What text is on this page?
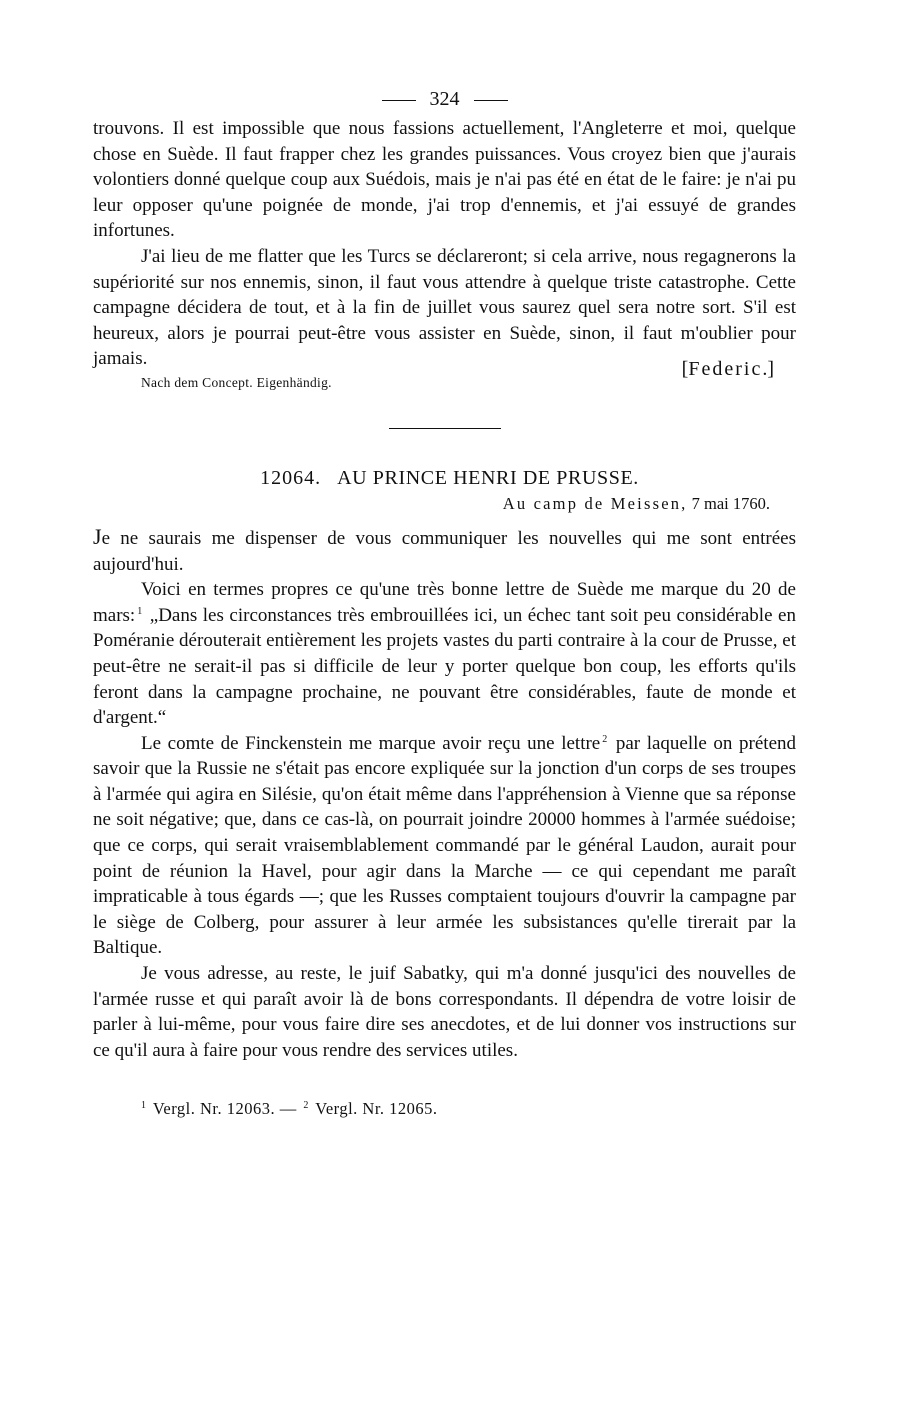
324

trouvons. Il est impossible que nous fassions actuellement, l'Angleterre et moi, quelque chose en Suède. Il faut frapper chez les grandes puissances. Vous croyez bien que j'aurais volontiers donné quelque coup aux Suédois, mais je n'ai pas été en état de le faire: je n'ai pu leur opposer qu'une poignée de monde, j'ai trop d'ennemis, et j'ai essuyé de grandes infortunes.

J'ai lieu de me flatter que les Turcs se déclareront; si cela arrive, nous regagnerons la supériorité sur nos ennemis, sinon, il faut vous attendre à quelque triste catastrophe. Cette campagne décidera de tout, et à la fin de juillet vous saurez quel sera notre sort. S'il est heureux, alors je pourrai peut-être vous assister en Suède, sinon, il faut m'oublier pour jamais.

Nach dem Concept. Eigenhändig.
[Federic.]
12064. AU PRINCE HENRI DE PRUSSE.
Au camp de Meissen, 7 mai 1760.

Je ne saurais me dispenser de vous communiquer les nouvelles qui me sont entrées aujourd'hui.

Voici en termes propres ce qu'une très bonne lettre de Suède me marque du 20 de mars: $^1$ „Dans les circonstances très embrouillées ici, un échec tant soit peu considérable en Poméranie dérouterait entièrement les projets vastes du parti contraire à la cour de Prusse, et peut-être ne serait-il pas si difficile de leur y porter quelque bon coup, les efforts qu'ils feront dans la campagne prochaine, ne pouvant être considérables, faute de monde et d'argent.“

Le comte de Finckenstein me marque avoir reçu une lettre $^2$ par laquelle on prétend savoir que la Russie ne s'était pas encore expliquée sur la jonction d'un corps de ses troupes à l'armée qui agira en Silésie, qu'on était même dans l'appréhension à Vienne que sa réponse ne soit négative; que, dans ce cas-là, on pourrait joindre 20000 hommes à l'armée suédoise; que ce corps, qui serait vraisemblablement commandé par le général Laudon, aurait pour point de réunion la Havel, pour agir dans la Marche — ce qui cependant me paraît impraticable à tous égards —; que les Russes comptaient toujours d'ouvrir la campagne par le siège de Colberg, pour assurer à leur armée les subsistances qu'elle tirerait par la Baltique.

Je vous adresse, au reste, le juif Sabatky, qui m'a donné jusqu'ici des nouvelles de l'armée russe et qui paraît avoir là de bons correspondants. Il dépendra de votre loisir de parler à lui-même, pour vous faire dire ses anecdotes, et de lui donner vos instructions sur ce qu'il aura à faire pour vous rendre des services utiles.

$^1$ Vergl. Nr. 12063. — $^2$ Vergl. Nr. 12065.
